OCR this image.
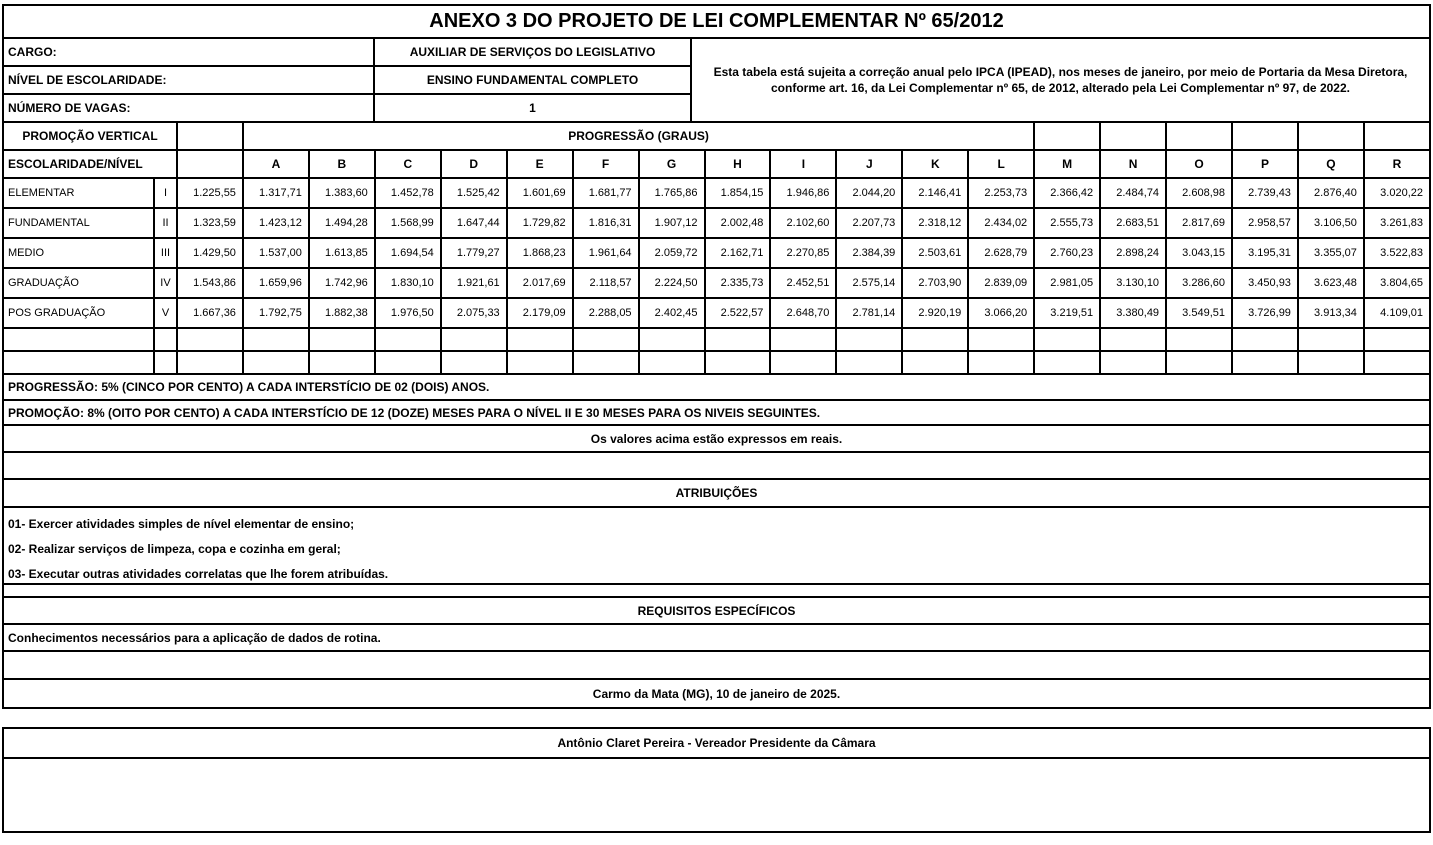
ANEXO 3 DO PROJETO DE LEI COMPLEMENTAR Nº 65/2012
CARGO:	AUXILIAR DE SERVIÇOS DO LEGISLATIVO	Esta tabela está sujeita a correção anual pelo IPCA (IPEAD), nos meses de janeiro, por meio de Portaria da Mesa Diretora, conforme art. 16, da Lei Complementar nº 65, de 2012, alterado pela Lei Complementar nº 97, de 2022.
NÍVEL DE ESCOLARIDADE:	ENSINO FUNDAMENTAL COMPLETO	
NÚMERO DE VAGAS:	1	
PROMOÇÃO VERTICAL			PROGRESSÃO (GRAUS)																	
ESCOLARIDADE/NÍVEL			A	B	C	D	E	F	G	H	I	J	K	L	M	N	O	P	Q	R
ELEMENTAR	I	1.225,55	1.317,71	1.383,60	1.452,78	1.525,42	1.601,69	1.681,77	1.765,86	1.854,15	1.946,86	2.044,20	2.146,41	2.253,73	2.366,42	2.484,74	2.608,98	2.739,43	2.876,40	3.020,22
FUNDAMENTAL	II	1.323,59	1.423,12	1.494,28	1.568,99	1.647,44	1.729,82	1.816,31	1.907,12	2.002,48	2.102,60	2.207,73	2.318,12	2.434,02	2.555,73	2.683,51	2.817,69	2.958,57	3.106,50	3.261,83
MEDIO	III	1.429,50	1.537,00	1.613,85	1.694,54	1.779,27	1.868,23	1.961,64	2.059,72	2.162,71	2.270,85	2.384,39	2.503,61	2.628,79	2.760,23	2.898,24	3.043,15	3.195,31	3.355,07	3.522,83
GRADUAÇÃO	IV	1.543,86	1.659,96	1.742,96	1.830,10	1.921,61	2.017,69	2.118,57	2.224,50	2.335,73	2.452,51	2.575,14	2.703,90	2.839,09	2.981,05	3.130,10	3.286,60	3.450,93	3.623,48	3.804,65
POS GRADUAÇÃO	V	1.667,36	1.792,75	1.882,38	1.976,50	2.075,33	2.179,09	2.288,05	2.402,45	2.522,57	2.648,70	2.781,14	2.920,19	3.066,20	3.219,51	3.380,49	3.549,51	3.726,99	3.913,34	4.109,01

PROGRESSÃO: 5% (CINCO POR CENTO) A CADA INTERSTÍCIO DE 02 (DOIS) ANOS.
PROMOÇÃO: 8% (OITO POR CENTO) A CADA INTERSTÍCIO DE 12 (DOZE) MESES PARA O NÍVEL II E 30 MESES PARA OS NIVEIS SEGUINTES.
Os valores acima estão expressos em reais.
ATRIBUIÇÕES
01- Exercer atividades simples de nível elementar de ensino;
02- Realizar serviços de limpeza, copa e cozinha em geral;
03- Executar outras atividades correlatas que lhe forem atribuídas.
REQUISITOS ESPECÍFICOS
Conhecimentos necessários para a aplicação de dados de rotina.
Carmo da Mata (MG), 10 de janeiro de 2025.
Antônio Claret Pereira - Vereador Presidente da Câmara
